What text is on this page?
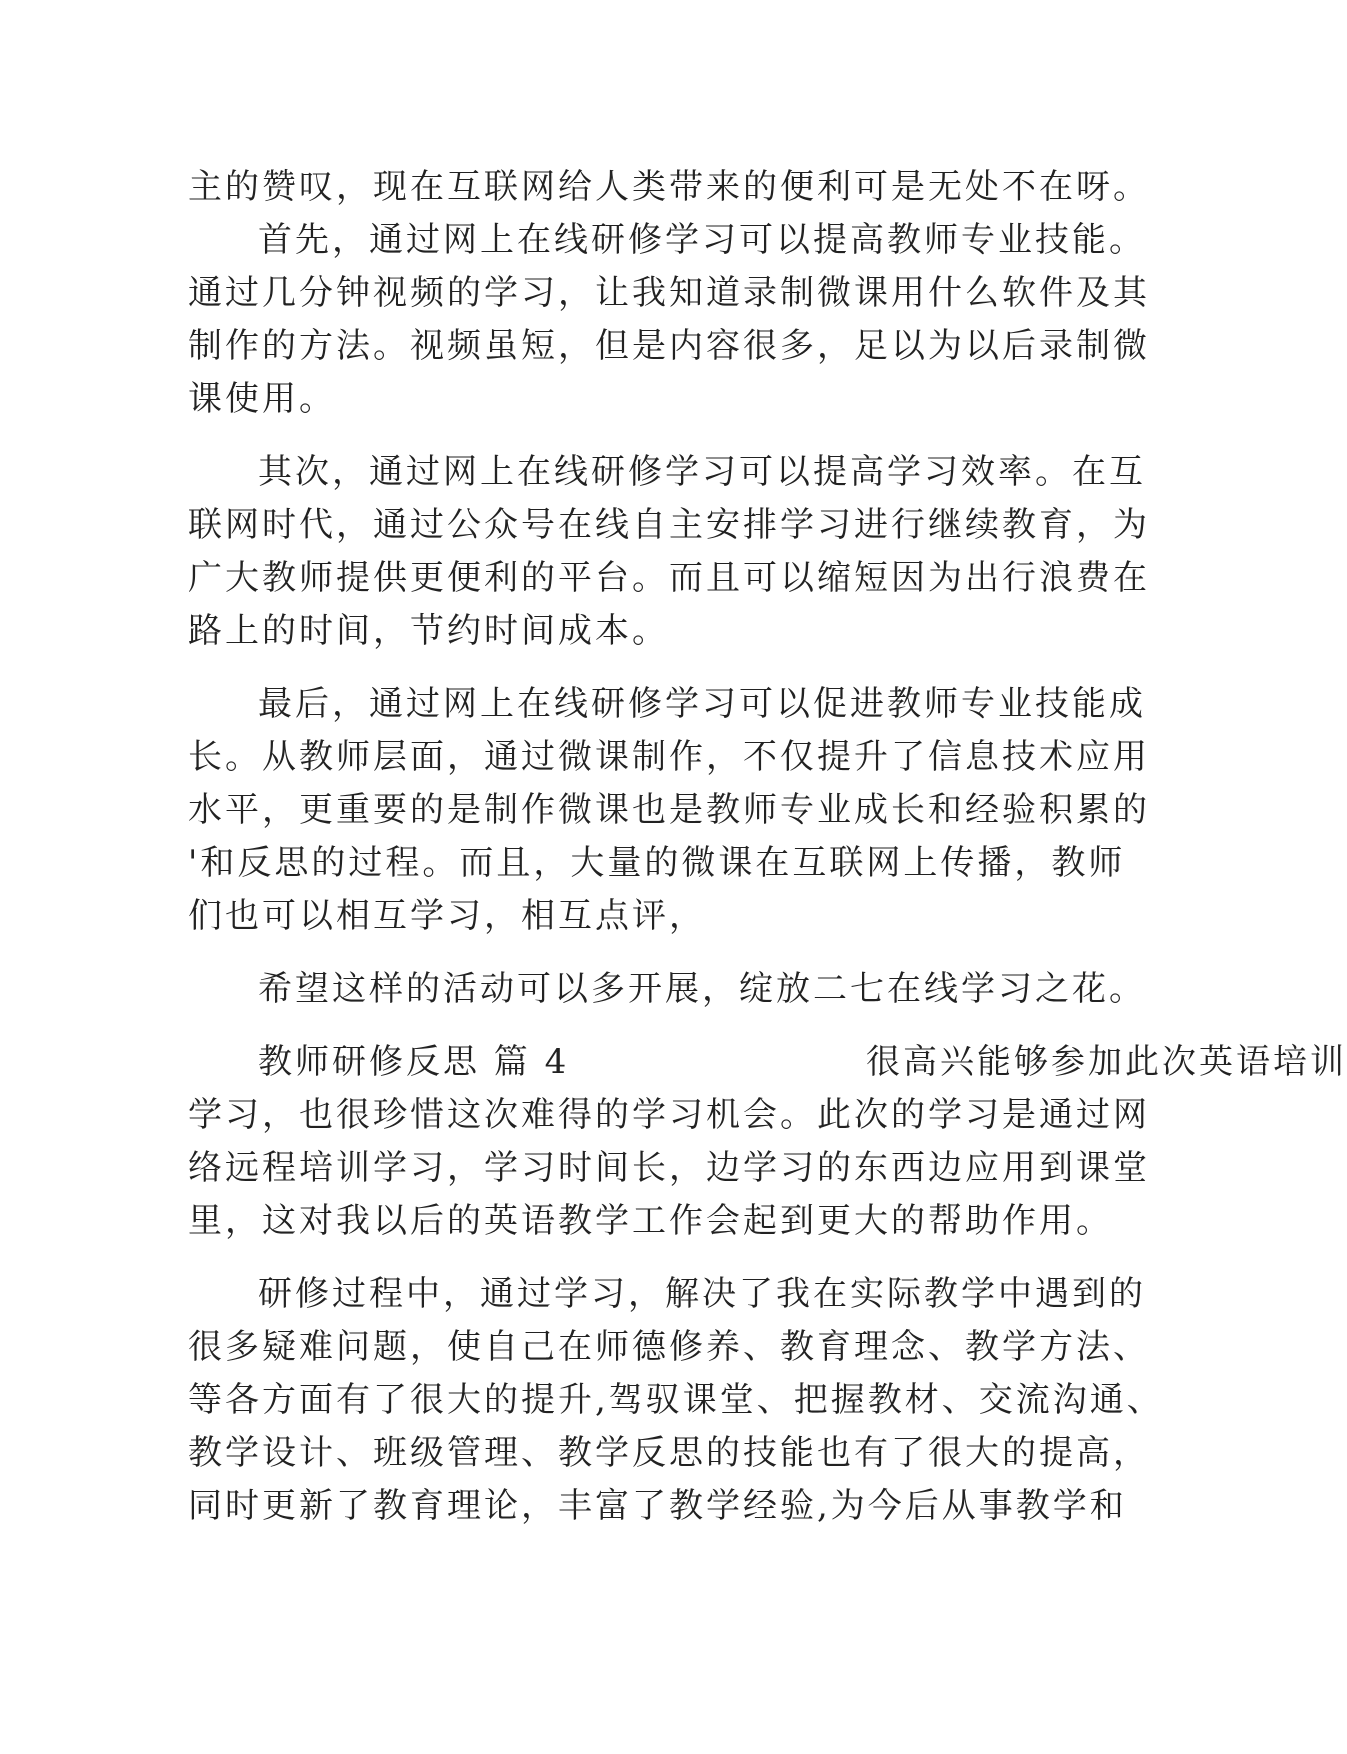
主的赞叹，现在互联网给人类带来的便利可是无处不在呀。

首先，通过网上在线研修学习可以提高教师专业技能。

通过几分钟视频的学习，让我知道录制微课用什么软件及其

制作的方法。视频虽短，但是内容很多，足以为以后录制微

课使用。

其次，通过网上在线研修学习可以提高学习效率。在互

联网时代，通过公众号在线自主安排学习进行继续教育，为

广大教师提供更便利的平台。而且可以缩短因为出行浪费在

路上的时间，节约时间成本。

最后，通过网上在线研修学习可以促进教师专业技能成

长。从教师层面，通过微课制作，不仅提升了信息技术应用

水平，更重要的是制作微课也是教师专业成长和经验积累的

'和反思的过程。而且，大量的微课在互联网上传播，教师

们也可以相互学习，相互点评，

希望这样的活动可以多开展，绽放二七在线学习之花。

教师研修反思 篇 4	很高兴能够参加此次英语培训

学习，也很珍惜这次难得的学习机会。此次的学习是通过网

络远程培训学习，学习时间长，边学习的东西边应用到课堂

里，这对我以后的英语教学工作会起到更大的帮助作用。

研修过程中，通过学习，解决了我在实际教学中遇到的

很多疑难问题，使自己在师德修养、教育理念、教学方法、

等各方面有了很大的提升,驾驭课堂、把握教材、交流沟通、

教学设计、班级管理、教学反思的技能也有了很大的提高，

同时更新了教育理论，丰富了教学经验,为今后从事教学和
